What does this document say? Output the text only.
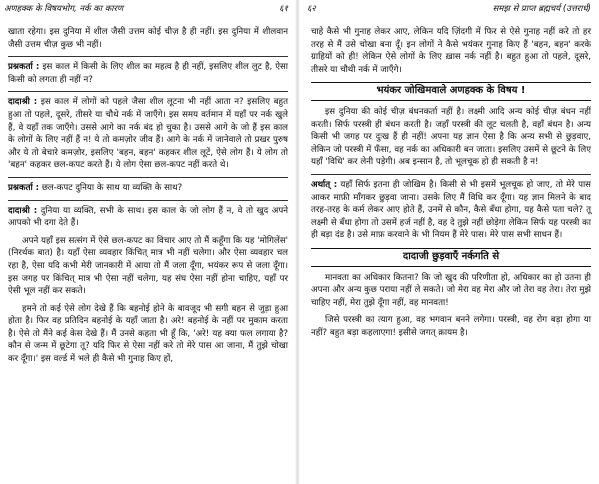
अणहक्क के विषयभोग, नर्क का कारण	६१

खाता रहेगा। इस दुनिया में शील जैसी उत्तम कोई चीज़ है ही नहीं। इस दुनिया में शीलवान जैसी उत्तम चीज़ कुछ भी नहीं।

प्रश्नकर्ता : इस काल में किसी के लिए शील का महत्व है ही नहीं, इसलिए शील लुट है, ऐसा किसी को लगता ही नहीं न?

दादाश्री : इस काल में लोगों को पहले जैसा शील लूटना भी नहीं आता न? इसलिए बहुत हुआ तो पहले, दूसरे, तीसरे या चौथे नर्क में जाएँगे। इस समय वर्तमान में यहाँ पर नर्क खुले हैं, वे यहाँ तक जाएँगे। उससे आगे का नर्क बंद हो चुका है। उससे आगे के जो हैं इस काल के लोगों के लिए नहीं हैं न! ये तो कमज़ोर जीव हैं। आगे के नर्क में जानेवाले तो प्रखर पुरुष और ये तो बेचारे कमज़ोर, इसलिए 'बहन, बहन' कहकर शील लूटें, ऐसे लोग हैं। ये लोग तो 'बहन' कहकर छल-कपट करते हैं। ये लोग ऐसा छल-कपट नहीं करते थे।

प्रश्नकर्ता : छल-कपट दुनिया के साथ या व्यक्ति के साथ?

दादाश्री : दुनिया या व्यक्ति, सभी के साथ। इस काल के जो लोग हैं न, वे तो खुद अपने आपको भी दगा देते हैं।

अपने यहाँ इस सत्संग में ऐसे छल-कपट का विचार आए तो मैं कहूँगा कि यह 'मोगिलेंस' (निरर्थक बात) है। यहाँ ऐसा व्यवहार किंचित् मात्र भी नहीं चलेगा। और ऐसा व्यवहार चल रहा है, ऐसा यदि कभी मेरी जानकारी में आया तो मैं जला दूँगा, भयंकर रूप से जला दूँगा। इस जगह पर किंचित् मात्र भी ऐसा नहीं चलेगा, यह संघ ऐसा नहीं होना चाहिए, यहाँ पर ऐसी भूल नहीं कर सकते।

हमने तो कई ऐसे लोग देखे हैं कि बहनोई होने के बावजूद भी सगी बहन से जुड़ा हुआ होता है। फिर वह प्रतिदिन बहनोई के यहाँ जाता है। अरे! बहनोई के नहीं पर मुकाम करता है। ऐसे तो मैंने कई केस देखे हैं। मैं उनसे कहता भी हूँ कि, 'अरे! यह क्या फल लगाया है? कौन से जन्म में छूटेगा तू? यदि फिर से ऐसा नहीं करे तो मेरे पास आ जाना, मैं तुझे चोखा कर दूँगा।' इस वर्ल्ड में भले ही कैसे भी गुनाह किए हों,

६२	समझ से प्राप्त ब्रह्मचर्य (उत्तरार्ध)

चाहे कैसे भी गुनाह लेकर आए, लेकिन यदि ज़िंदगी में फिर से ऐसे गुनाह नहीं करे तो हर तरह से मैं उसे चोखा बना दूँ। इन लोगों ने कैसे भयंकर गुनाह किए हैं 'बहन, बहन' करके ग्राहियों को ही! लेकिन ऐसे लोगों के लिए ख़ास नर्क नहीं है। बहुत हुआ तो पहले, दूसरे, तीसरे या चौथी नर्क में जाएँगे।

भयंकर जोखिमवाले अणहक्क के विषय !

इस दुनिया की कोई चीज़ बंधनकर्ता नहीं है। लक्ष्मी आदि अन्य कोई चीज़ बंधन नहीं करती। सिर्फ परस्त्री ही बंधन करती है। जहाँ परस्त्री की लूट चलती है, वहाँ बंधन है। अन्य किसी भी जगह पर दुःख हैं ही नहीं! अपना यह ज्ञान ऐसा है कि अन्य सभी से छुड़वाए, लेकिन जो परस्त्री में फँसा, वह नर्क का अधिकारी बन जाता। इसलिए उसमें से छूटने के लिए यहाँ 'विधि' कर लेनी पड़ेगी। अब इन्सान है, तो भूलचूक हो ही सकती है न!

अर्थात् : यहाँ सिर्फ इतना ही जोखिम है। किसी से भी इसमें भूलचूक हो जाए, तो मेरे पास आकर माफ़ी माँगकर छुड़वा जाना। उसके लिए मैं विधि कर दूँगा। यह ज्ञान मिलने के बाद तरह-तरह के कर्म लेकर आए होते हैं, उनमें से कौन, कैसे बँधा होगा, यह कैसे पता चले? तू लक्ष्मी से बँधा होगा तो उसमें हर्ज नहीं है, वह दे तुझे नहीं छोड़ेगा लेकिन सिर्फ यह परस्त्री का ही बड़ा दंड है। उसे माफ़ करवाने के भी नियम हैं मेरे पास। मेरे पास सभी साधन हैं।

दादाजी छुड़वाएँ नर्कगति से

मानवता का अधिकार कितना? कि जो खुद की परिणीता हो, अधिकार का हो उतना ही अपना और अन्य कुछ पराया नहीं ले सकते। जो मेरा वह मेरा और जो तेरा वह तेरा। तेरा मुझे चाहिए नहीं, मेरा तुझे दूँगा नहीं, वह मानवता!

जिसे परस्त्री का त्याग हुआ, वह भगवान बनने लगेगा। परस्त्री, वह रोग बड़ा होगा या नहीं? बहुत बड़ा कहलाएगा! इसीसे जगत् क़ायम है।
